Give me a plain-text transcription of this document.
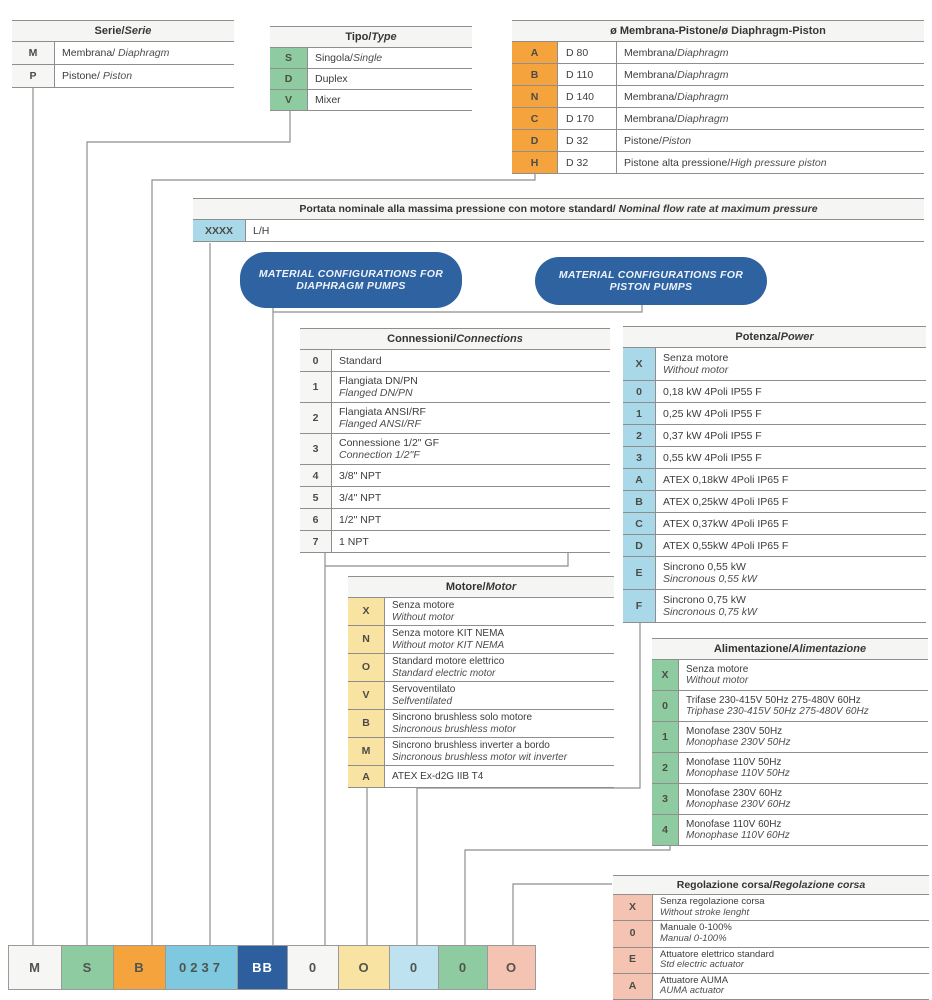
Serie/Serie
M	Membrana/ Diaphragm
P	Pistone/ Piston
Tipo/Type
S	Singola/Single
D	Duplex
V	Mixer
ø Membrana-Pistone/ø Diaphragm-Piston
A	D 80	Membrana/Diaphragm
B	D 110	Membrana/Diaphragm
N	D 140	Membrana/Diaphragm
C	D 170	Membrana/Diaphragm
D	D 32	Pistone/Piston
H	D 32	Pistone alta pressione/High pressure piston
Portata nominale alla massima pressione con motore standard/ Nominal flow rate at maximum pressure
XXXX	L/H
MATERIAL CONFIGURATIONS FOR DIAPHRAGM PUMPS
MATERIAL CONFIGURATIONS FOR PISTON PUMPS
Connessioni/Connections
0	Standard
1	Flangiata DN/PN
Flanged DN/PN
2	Flangiata ANSI/RF
Flanged ANSI/RF
3	Connessione 1/2" GF
Connection 1/2"F
4	3/8" NPT
5	3/4" NPT
6	1/2" NPT
7	1 NPT
Potenza/Power
X	Senza motore
Without motor
0	0,18 kW 4Poli IP55 F
1	0,25 kW 4Poli IP55 F
2	0,37 kW 4Poli IP55 F
3	0,55 kW 4Poli IP55 F
A	ATEX 0,18kW 4Poli IP65 F
B	ATEX 0,25kW 4Poli IP65 F
C	ATEX 0,37kW 4Poli IP65 F
D	ATEX 0,55kW 4Poli IP65 F
E	Sincrono 0,55 kW
Sincronous 0,55 kW
F	Sincrono 0,75 kW
Sincronous 0,75 kW
Motore/Motor
X	Senza motore
Without motor
N	Senza motore KIT NEMA
Without motor KIT NEMA
O	Standard motore elettrico
Standard electric motor
V	Servoventilato
Selfventilated
B	Sincrono brushless solo motore
Sincronous brushless motor
M	Sincrono brushless inverter a bordo
Sincronous brushless motor wit inverter
A	ATEX Ex-d2G IIB T4
Alimentazione/Alimentazione
X	Senza motore
Without motor
0	Trifase 230-415V 50Hz 275-480V 60Hz
Triphase 230-415V 50Hz 275-480V 60Hz
1	Monofase 230V 50Hz
Monophase 230V 50Hz
2	Monofase 110V 50Hz
Monophase 110V 50Hz
3	Monofase 230V 60Hz
Monophase 230V 60Hz
4	Monofase 110V 60Hz
Monophase 110V 60Hz
Regolazione corsa/Regolazione corsa
X	Senza regolazione corsa
Without stroke lenght
0	Manuale 0-100%
Manual 0-100%
E	Attuatore elettrico standard
Std electric actuator
A	Attuatore AUMA
AUMA actuator
M	S	B	0237	BB	0	O	0	0	O
